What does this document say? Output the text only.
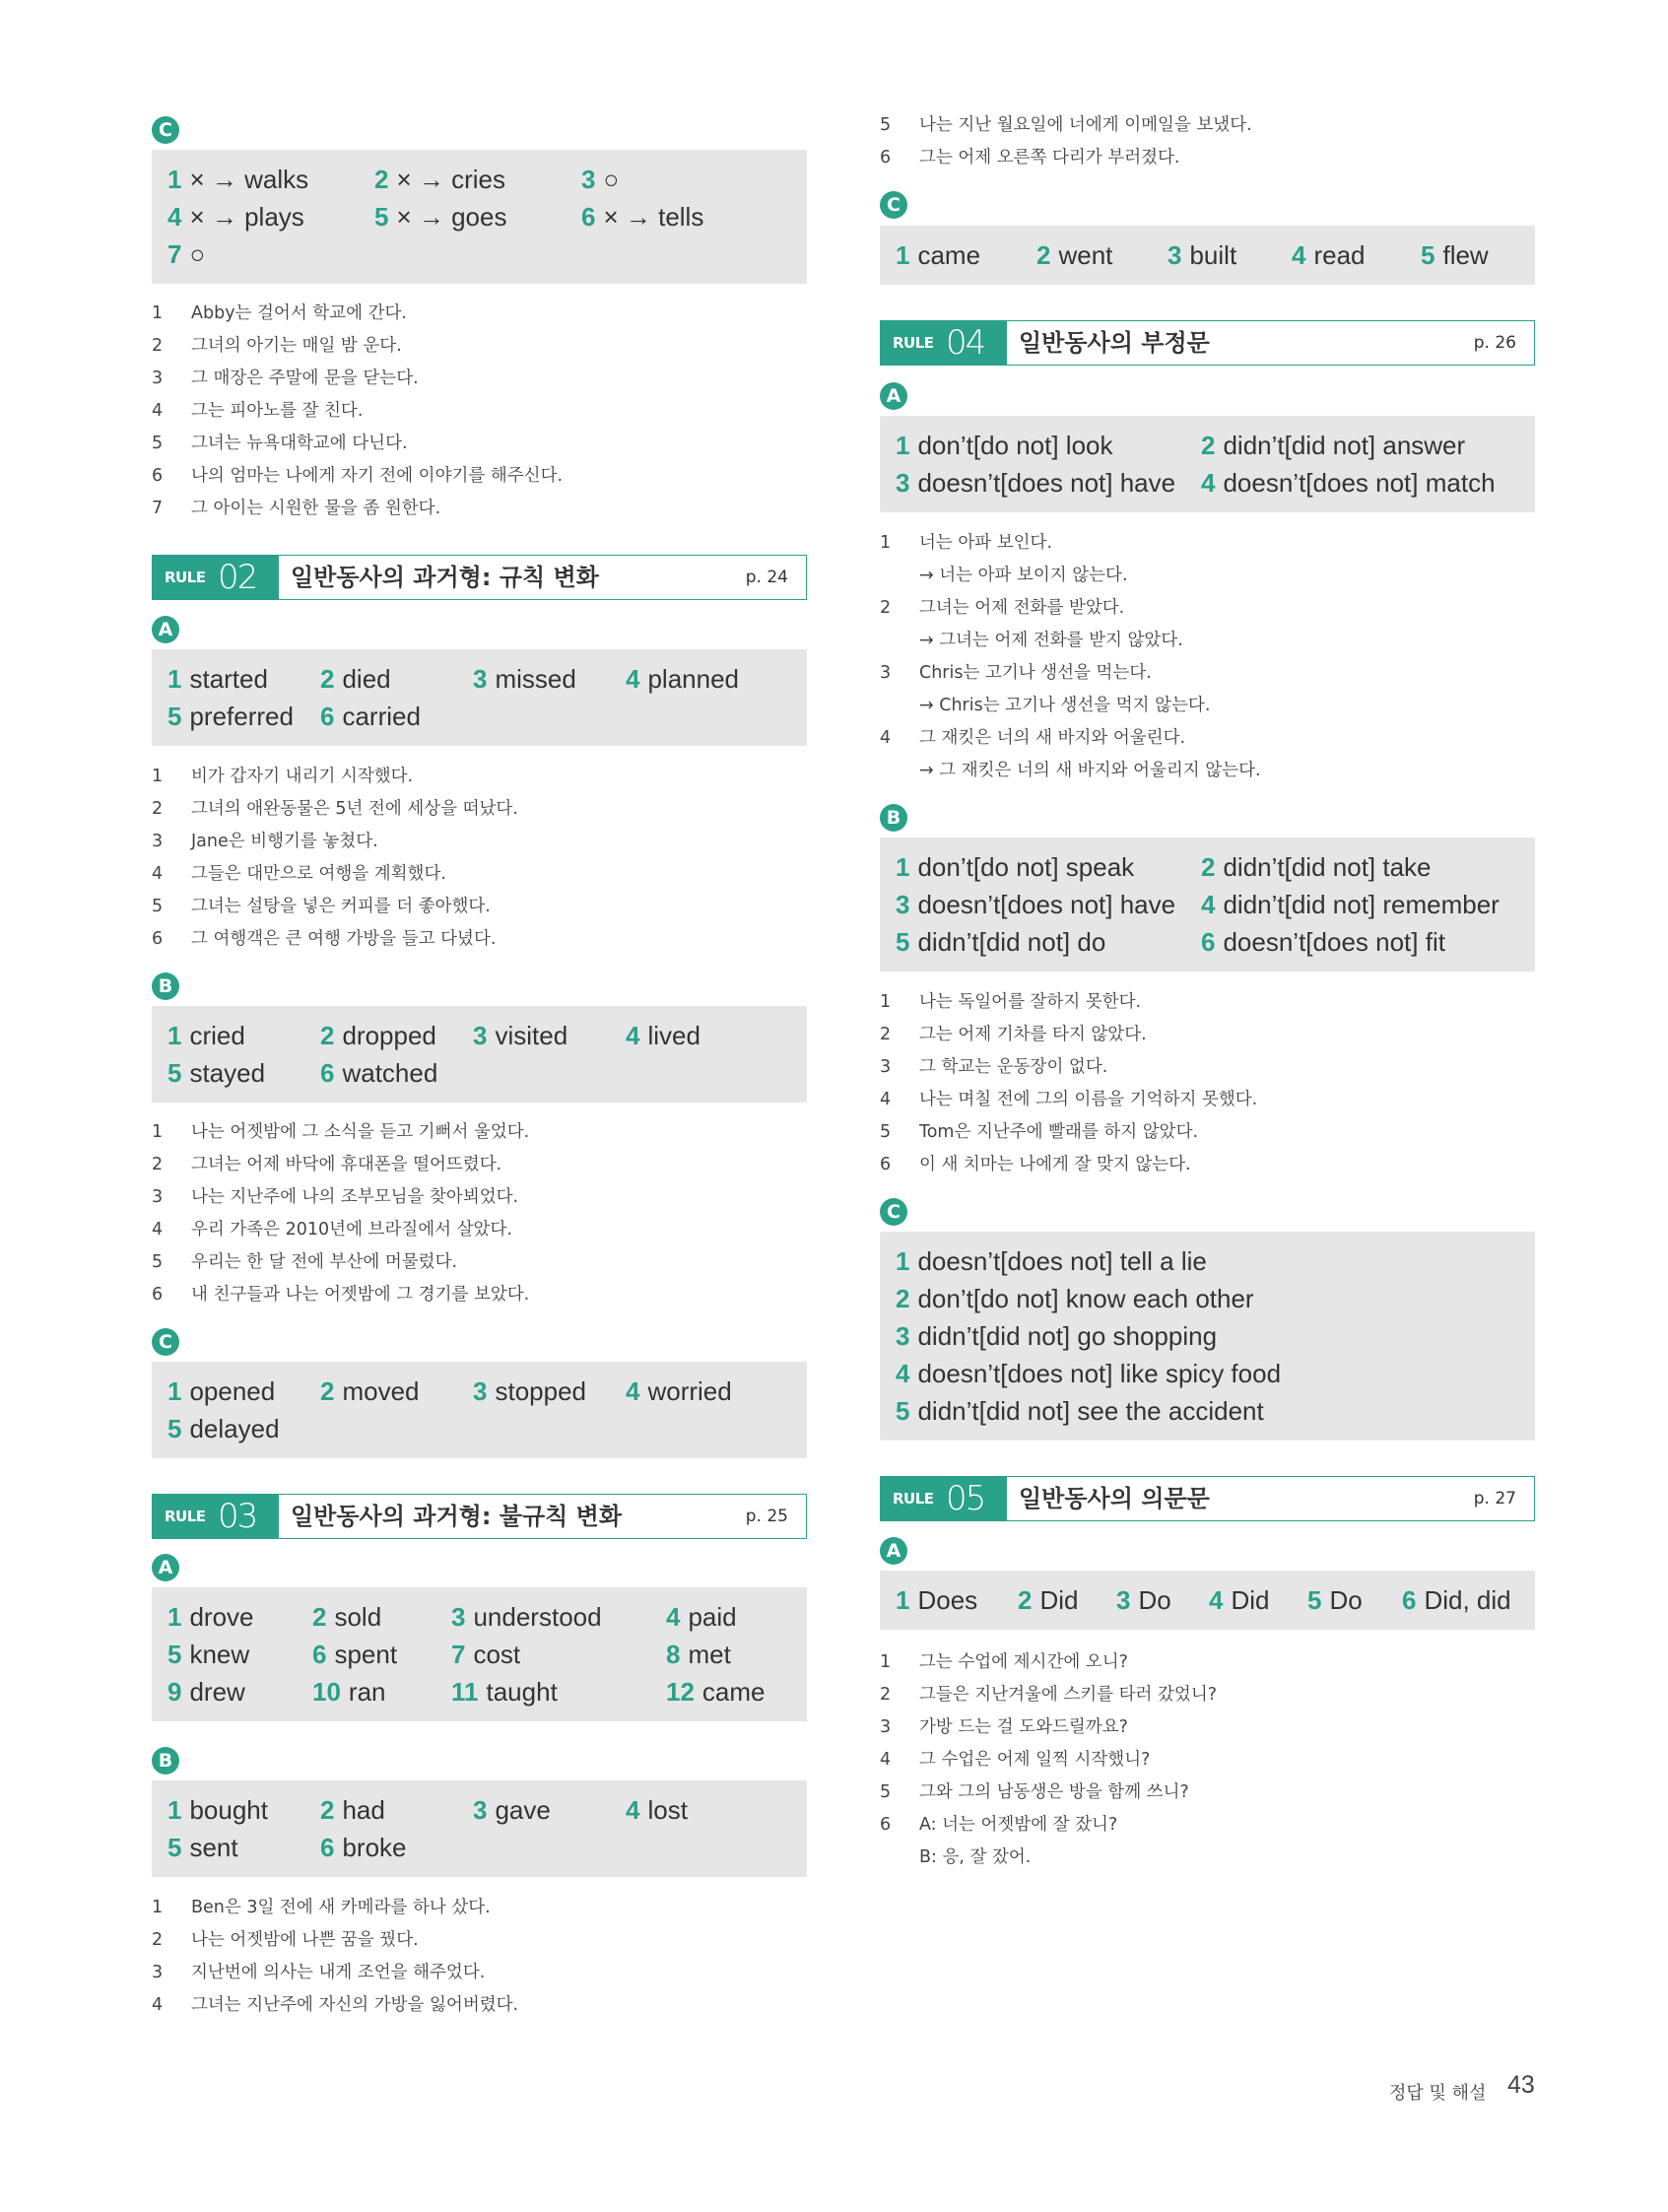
C
1 × → walks	2 × → cries	3 ○
4 × → plays	5 × → goes	6 × → tells
7 ○
1	Abby는 걸어서 학교에 간다.
2	그녀의 아기는 매일 밤 운다.
3	그 매장은 주말에 문을 닫는다.
4	그는 피아노를 잘 친다.
5	그녀는 뉴욕대학교에 다닌다.
6	나의 엄마는 나에게 자기 전에 이야기를 해주신다.
7	그 아이는 시원한 물을 좀 원한다.
RULE 02 일반동사의 과거형: 규칙 변화	p. 24
A
1 started 2 died	3 missed 4 planned
5 preferred 6 carried
1	비가 갑자기 내리기 시작했다.
2	그녀의 애완동물은 5년 전에 세상을 떠났다.
3	Jane은 비행기를 놓쳤다.
4	그들은 대만으로 여행을 계획했다.
5	그녀는 설탕을 넣은 커피를 더 좋아했다.
6	그 여행객은 큰 여행 가방을 들고 다녔다.
B
1 cried	2 dropped 3 visited 4 lived
5 stayed 6 watched
1	나는 어젯밤에 그 소식을 듣고 기뻐서 울었다.
2	그녀는 어제 바닥에 휴대폰을 떨어뜨렸다.
3	나는 지난주에 나의 조부모님을 찾아뵈었다.
4	우리 가족은 2010년에 브라질에서 살았다.
5	우리는 한 달 전에 부산에 머물렀다.
6	내 친구들과 나는 어젯밤에 그 경기를 보았다.
C
1 opened 2 moved 3 stopped 4 worried
5 delayed
RULE 03 일반동사의 과거형: 불규칙 변화	p. 25
A
1 drove 2 sold	3 understood	4 paid
5 knew 6 spent 7 cost	8 met
9 drew	10 ran	11 taught	12 came
B
1 bought 2 had	3 gave	4 lost
5 sent	6 broke
1	Ben은 3일 전에 새 카메라를 하나 샀다.
2	나는 어젯밤에 나쁜 꿈을 꿨다.
3	지난번에 의사는 내게 조언을 해주었다.
4	그녀는 지난주에 자신의 가방을 잃어버렸다.
5	나는 지난 월요일에 너에게 이메일을 보냈다.
6	그는 어제 오른쪽 다리가 부러졌다.
C
1 came 2 went 3 built 4 read 5 flew
RULE 04 일반동사의 부정문	p. 26
A
1 don’t[do not] look	2 didn’t[did not] answer
3 doesn’t[does not] have 4 doesn’t[does not] match
1	너는 아파 보인다.
→ 너는 아파 보이지 않는다.
2	그녀는 어제 전화를 받았다.
→ 그녀는 어제 전화를 받지 않았다.
3	Chris는 고기나 생선을 먹는다.
→ Chris는 고기나 생선을 먹지 않는다.
4	그 재킷은 너의 새 바지와 어울린다.
→ 그 재킷은 너의 새 바지와 어울리지 않는다.
B
1 don’t[do not] speak	2 didn’t[did not] take
3 doesn’t[does not] have 4 didn’t[did not] remember
5 didn’t[did not] do	6 doesn’t[does not] fit
1	나는 독일어를 잘하지 못한다.
2	그는 어제 기차를 타지 않았다.
3	그 학교는 운동장이 없다.
4	나는 며칠 전에 그의 이름을 기억하지 못했다.
5	Tom은 지난주에 빨래를 하지 않았다.
6	이 새 치마는 나에게 잘 맞지 않는다.
C
1 doesn’t[does not] tell a lie
2 don’t[do not] know each other
3 didn’t[did not] go shopping
4 doesn’t[does not] like spicy food
5 didn’t[did not] see the accident
RULE 05 일반동사의 의문문	p. 27
A
1 Does 2 Did 3 Do 4 Did 5 Do 6 Did, did
1	그는 수업에 제시간에 오니?
2	그들은 지난겨울에 스키를 타러 갔었니?
3	가방 드는 걸 도와드릴까요?
4	그 수업은 어제 일찍 시작했니?
5	그와 그의 남동생은 방을 함께 쓰니?
6	A: 너는 어젯밤에 잘 잤니?
B: 응, 잘 잤어.
정답 및 해설 43
